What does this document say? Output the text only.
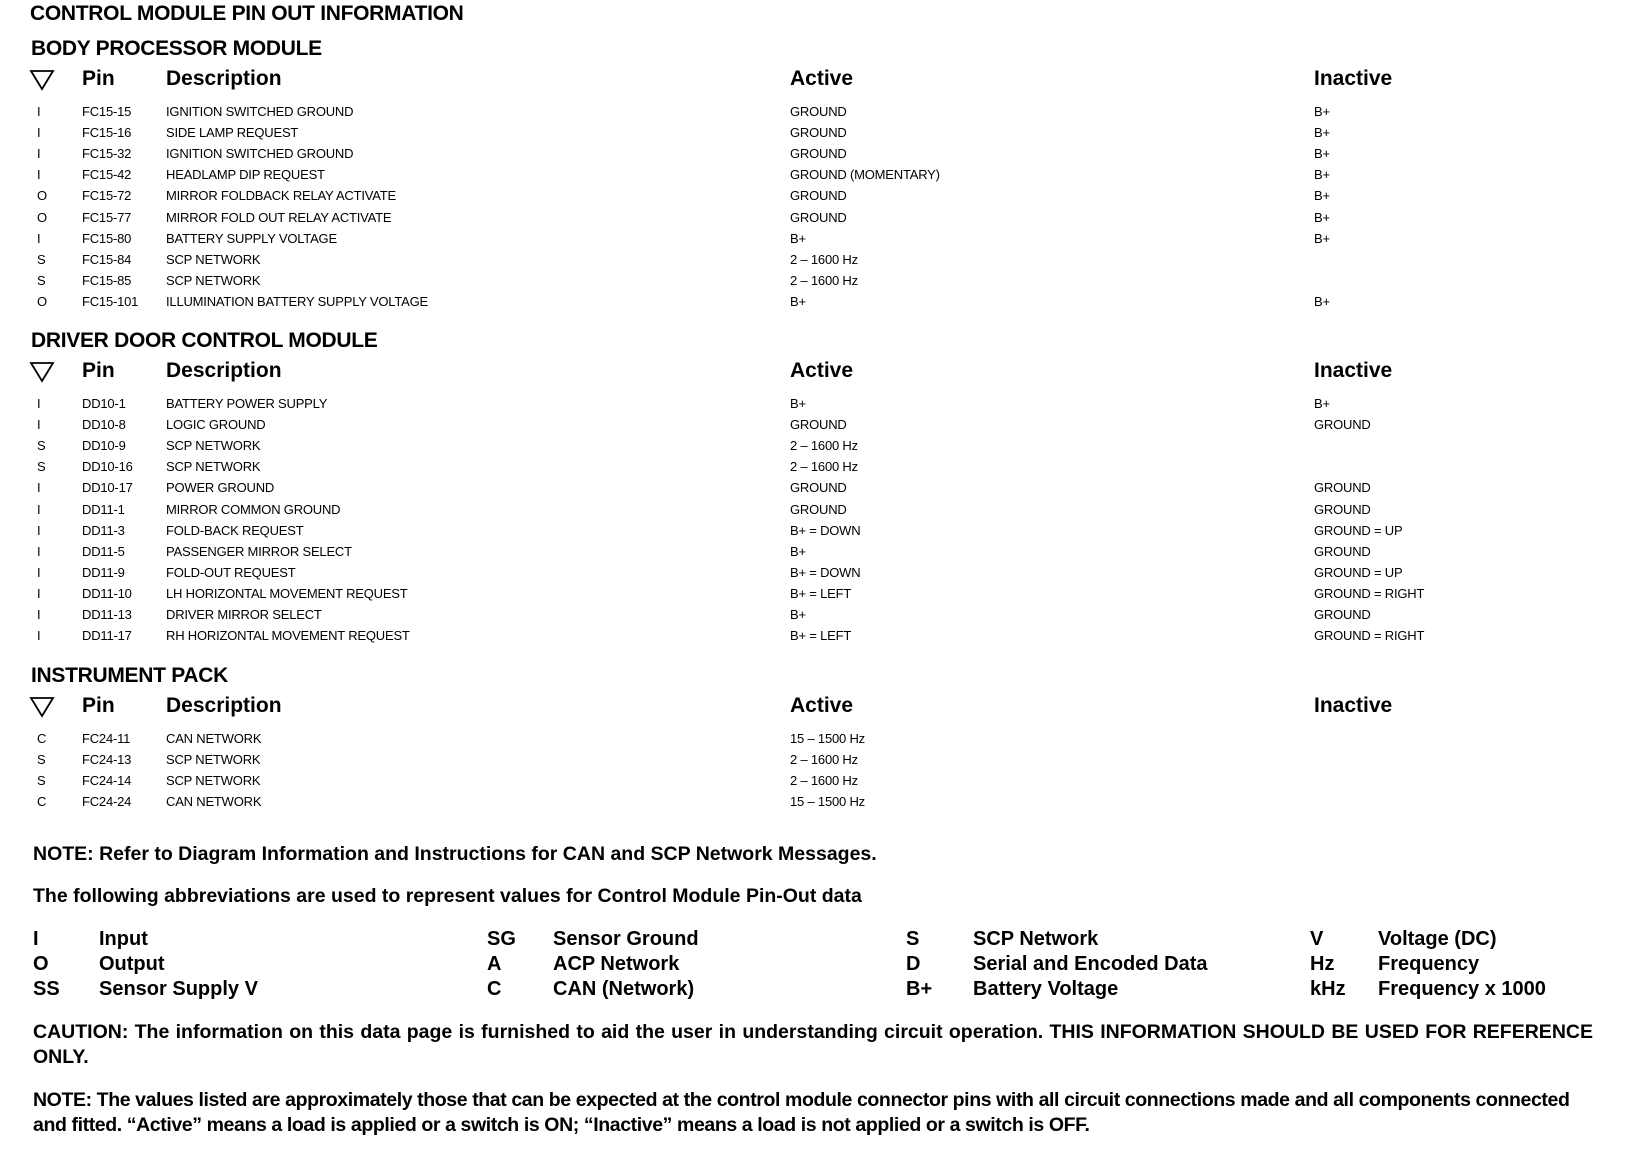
CONTROL MODULE PIN OUT INFORMATION
BODY PROCESSOR MODULE
Pin Description	Active	Inactive
I	FC15-15	IGNITION SWITCHED GROUND	GROUND	B+
I	FC15-16	SIDE LAMP REQUEST	GROUND	B+
I	FC15-32	IGNITION SWITCHED GROUND	GROUND	B+
I	FC15-42	HEADLAMP DIP REQUEST	GROUND (MOMENTARY)	B+
O	FC15-72	MIRROR FOLDBACK RELAY ACTIVATE	GROUND	B+
O	FC15-77	MIRROR FOLD OUT RELAY ACTIVATE	GROUND	B+
I	FC15-80	BATTERY SUPPLY VOLTAGE	B+	B+
S	FC15-84	SCP NETWORK	2 – 1600 Hz
S	FC15-85	SCP NETWORK	2 – 1600 Hz
O	FC15-101 ILLUMINATION BATTERY SUPPLY VOLTAGE	B+	B+
DRIVER DOOR CONTROL MODULE
Pin Description	Active	Inactive
I	DD10-1	BATTERY POWER SUPPLY	B+	B+
I	DD10-8	LOGIC GROUND	GROUND	GROUND
S	DD10-9	SCP NETWORK	2 – 1600 Hz
S	DD10-16	SCP NETWORK	2 – 1600 Hz
I	DD10-17	POWER GROUND	GROUND	GROUND
I	DD11-1	MIRROR COMMON GROUND	GROUND	GROUND
I	DD11-3	FOLD-BACK REQUEST	B+ = DOWN	GROUND = UP
I	DD11-5	PASSENGER MIRROR SELECT	B+	GROUND
I	DD11-9	FOLD-OUT REQUEST	B+ = DOWN	GROUND = UP
I	DD11-10	LH HORIZONTAL MOVEMENT REQUEST	B+ = LEFT	GROUND = RIGHT
I	DD11-13	DRIVER MIRROR SELECT	B+	GROUND
I	DD11-17	RH HORIZONTAL MOVEMENT REQUEST	B+ = LEFT	GROUND = RIGHT
INSTRUMENT PACK
Pin Description	Active	Inactive
C	FC24-11	CAN NETWORK	15 – 1500 Hz
S	FC24-13	SCP NETWORK	2 – 1600 Hz
S	FC24-14	SCP NETWORK	2 – 1600 Hz
C	FC24-24	CAN NETWORK	15 – 1500 Hz
NOTE: Refer to Diagram Information and Instructions for CAN and SCP Network Messages.
The following abbreviations are used to represent values for Control Module Pin-Out data
I	Input
O	Output
SS Sensor Supply V
SG Sensor Ground
A	ACP Network
C	CAN (Network)
S	SCP Network
D	Serial and Encoded Data
B+ Battery Voltage
V	Voltage (DC)
Hz Frequency
kHz Frequency x 1000
CAUTION: The information on this data page is furnished to aid the user in understanding circuit operation. THIS INFORMATION SHOULD BE USED FOR REFERENCE ONLY.
NOTE: The values listed are approximately those that can be expected at the control module connector pins with all circuit connections made and all components connected and fitted. “Active” means a load is applied or a switch is ON; “Inactive” means a load is not applied or a switch is OFF.
